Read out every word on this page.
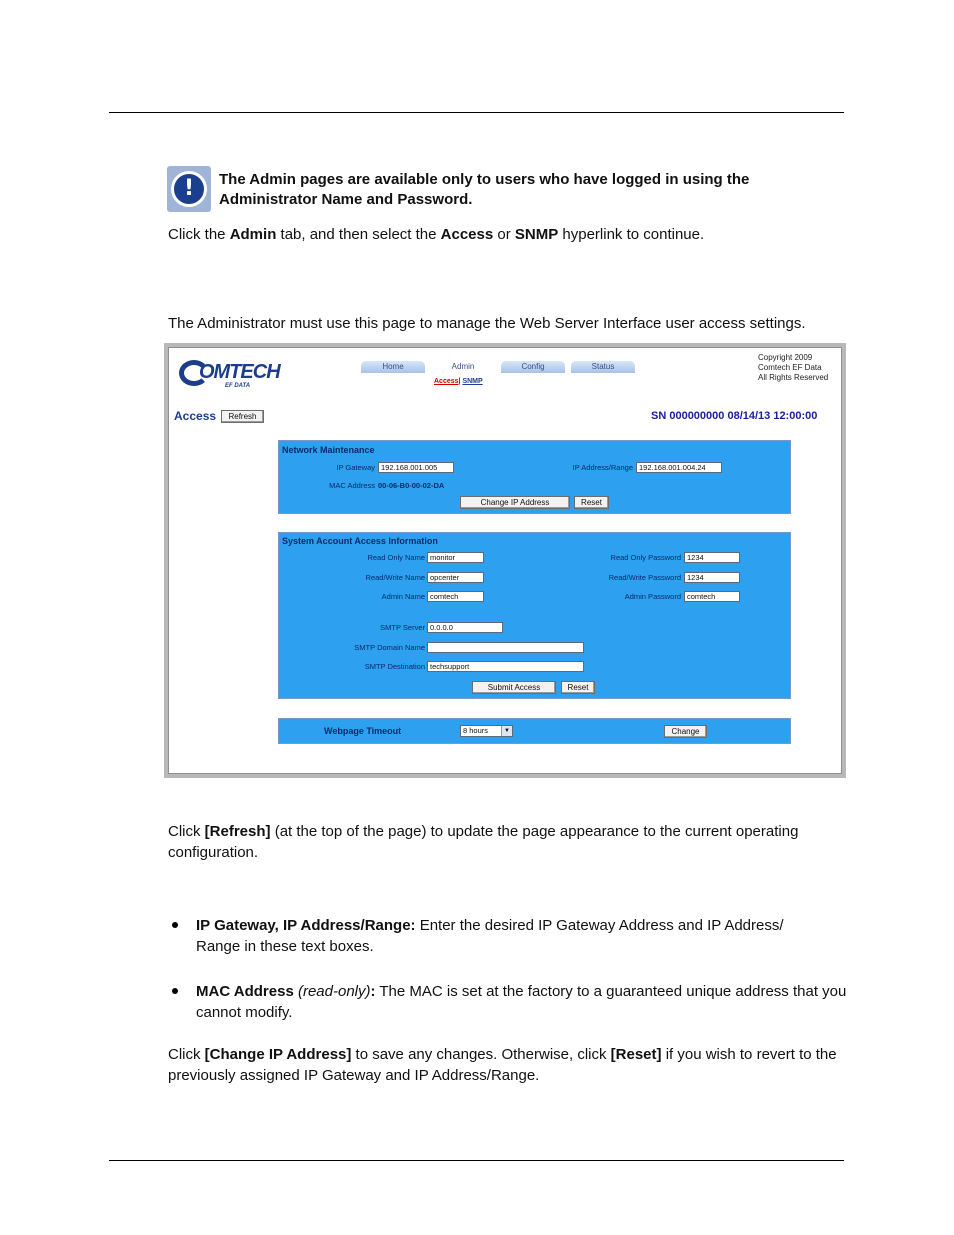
!	The Admin pages are available only to users who have logged in using the Administrator Name and Password.
Click the Admin tab, and then select the Access or SNMP hyperlink to continue.
The Administrator must use this page to manage the Web Server Interface user access settings.
OMTECH
EF DATA
Home	Admin	Config	Status
Access| SNMP
Copyright 2009
Comtech EF Data
All Rights Reserved
Access	Refresh	SN 000000000 08/14/13 12:00:00
Network Maintenance
IP Gateway 192.168.001.005	IP Address/Range 192.168.001.004.24
MAC Address 00-06-B0-00-02-DA
Change IP Address	Reset
System Account Access Information
Read Only Name monitor	Read Only Password 1234
Read/Write Name opcenter	Read/Write Password 1234
Admin Name comtech	Admin Password comtech
SMTP Server 0.0.0.0
SMTP Domain Name
SMTP Destination techsupport
Submit Access	Reset
Webpage Timeout	8 hours	▼	Change
Click [Refresh] (at the top of the page) to update the page appearance to the current operating configuration.
IP Gateway, IP Address/Range: Enter the desired IP Gateway Address and IP Address/ Range in these text boxes.
MAC Address (read-only): The MAC is set at the factory to a guaranteed unique address that you cannot modify.
Click [Change IP Address] to save any changes. Otherwise, click [Reset] if you wish to revert to the previously assigned IP Gateway and IP Address/Range.
